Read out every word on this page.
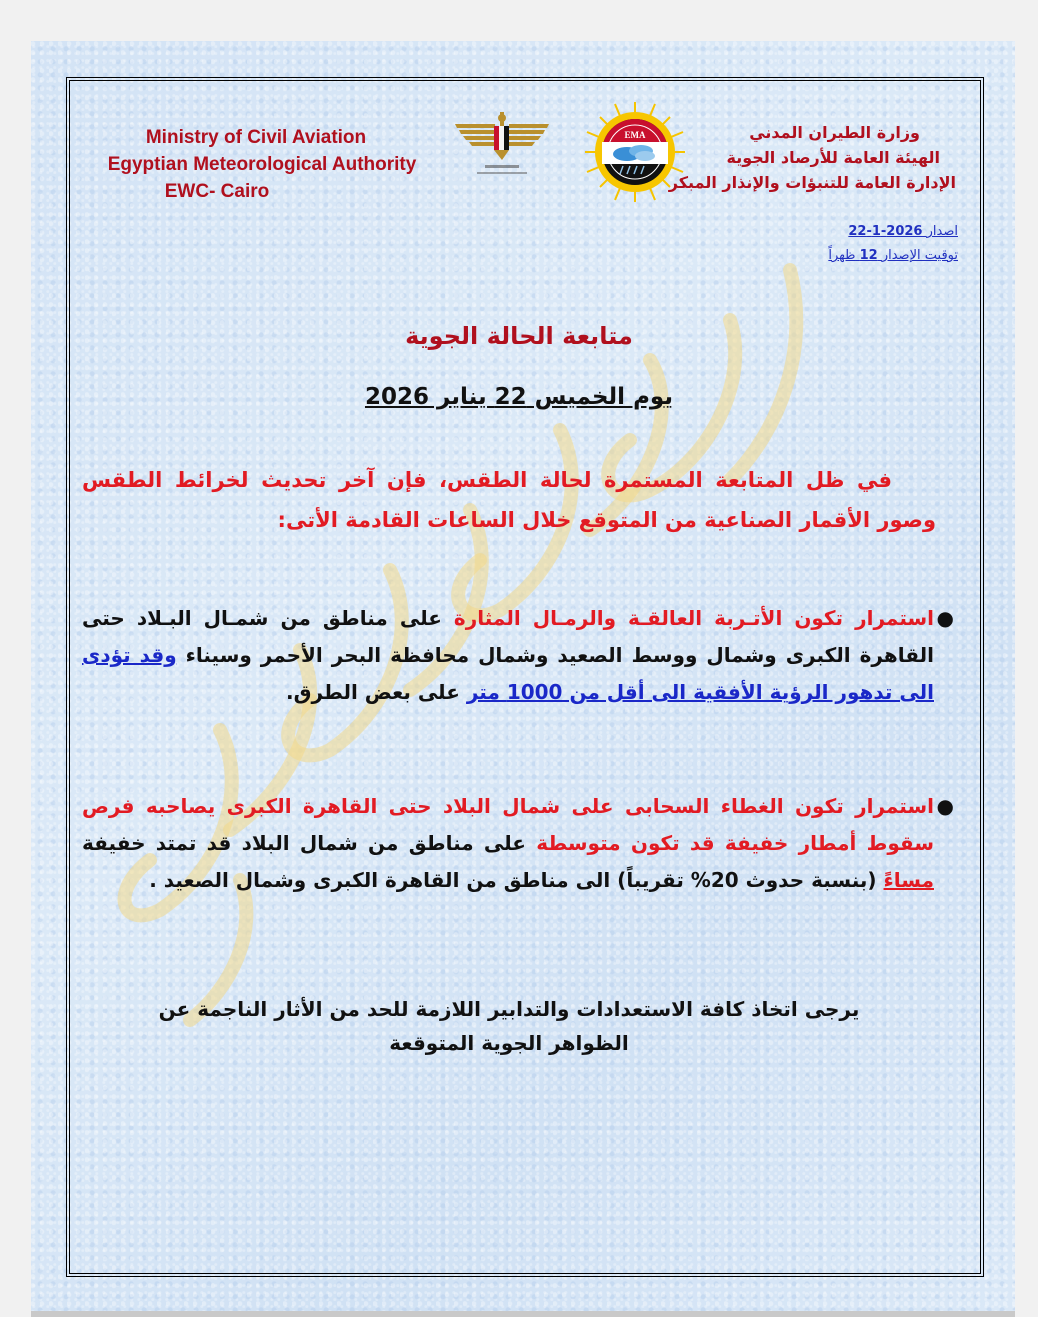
Ministry of Civil Aviation
Egyptian Meteorological Authority
EWC- Cairo
EMA	وزارة الطيران المدني
الهيئة العامة للأرصاد الجوية
الإدارة العامة للتنبؤات والإنذار المبكر
اصدار 2026-1-22
توقيت الإصدار 12 ظهراً
متابعة الحالة الجوية
يوم الخميس 22 يناير 2026
في ظل المتابعة المستمرة لحالة الطقس، فإن آخر تحديث لخرائط الطقس وصور الأقمار الصناعية من المتوقع خلال الساعات القادمة الأتى:
●
استمرار تكون الأتـربة العالقـة والرمـال المثارة على مناطق من شمـال البـلاد حتى القاهرة الكبرى وشمال ووسط الصعيد وشمال محافظة البحر الأحمر وسيناء وقد تؤدى الى تدهور الرؤية الأفقية الى أقل من 1000 متر على بعض الطرق.
●
استمرار تكون الغطاء السحابى على شمال البلاد حتى القاهرة الكبرى يصاحبه فرص سقوط أمطار خفيفة قد تكون متوسطة على مناطق من شمال البلاد قد تمتد خفيفة مساءً (بنسبة حدوث 20% تقريباً) الى مناطق من القاهرة الكبرى وشمال الصعيد .
يرجى اتخاذ كافة الاستعدادات والتدابير اللازمة للحد من الأثار الناجمة عن
الظواهر الجوية المتوقعة
